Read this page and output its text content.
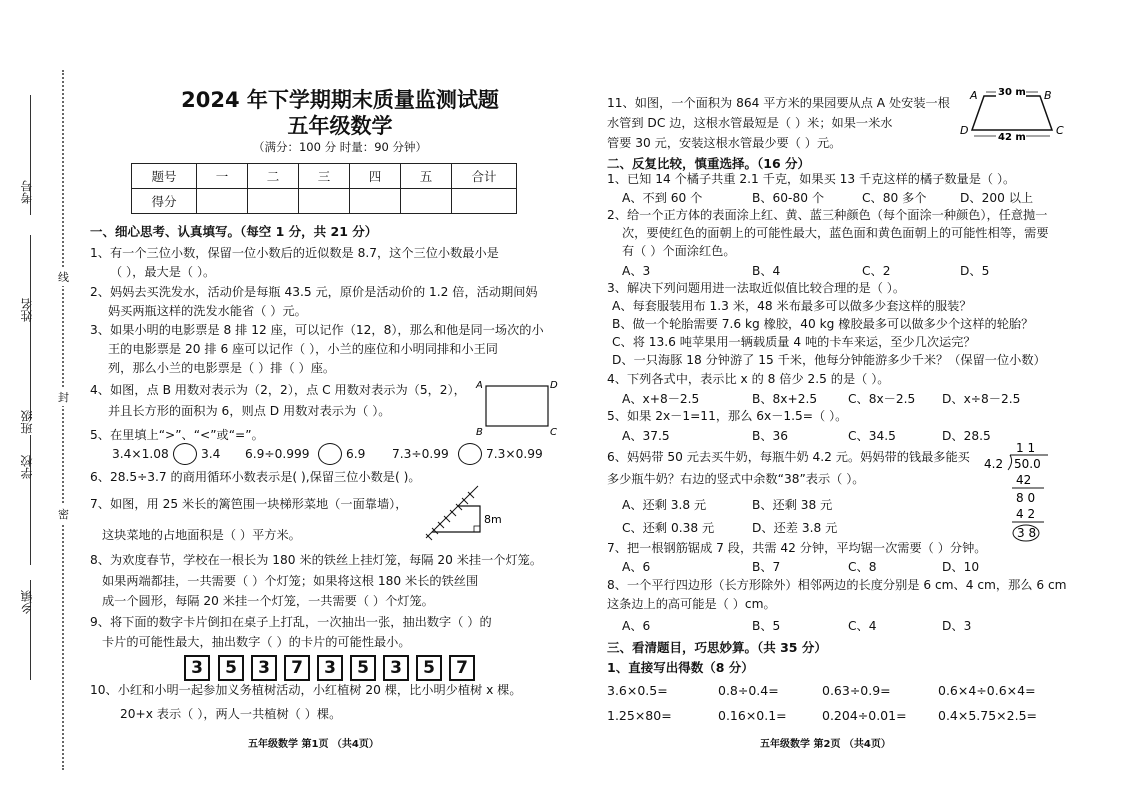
考号
姓名
班级
学校
乡镇
线
封
密
2024 年下学期期末质量监测试题
五年级数学
（满分：100 分 时量：90 分钟）
题号	一	二	三	四	五	合计
得分						
一、细心思考、认真填写。（每空 1 分，共 21 分）
1、有一个三位小数，保留一位小数后的近似数是 8.7，这个三位小数最小是
（ ），最大是（ ）。
2、妈妈去买洗发水，活动价是每瓶 43.5 元，原价是活动价的 1.2 倍，活动期间妈
妈买两瓶这样的洗发水能省（ ）元。
3、如果小明的电影票是 8 排 12 座，可以记作（12，8），那么和他是同一场次的小
王的电影票是 20 排 6 座可以记作（ ），小兰的座位和小明同排和小王同
列，那么小兰的电影票是（ ）排（ ）座。
4、如图，点 B 用数对表示为（2，2），点 C 用数对表示为（5，2），
并且长方形的面积为 6，则点 D 用数对表示为（ ）。
A	D
B	C
5、在里填上“>”、“<”或“=”。
3.4×1.08	3.4 6.9÷0.999	6.9 7.3÷0.99	7.3×0.99
6、28.5÷3.7 的商用循环小数表示是( ),保留三位小数是( )。
7、如图，用 25 米长的篱笆围一块梯形菜地（一面靠墙），
这块菜地的占地面积是（ ）平方米。
8m
8、为欢度春节，学校在一根长为 180 米的铁丝上挂灯笼，每隔 20 米挂一个灯笼。
如果两端都挂，一共需要（ ）个灯笼；如果将这根 180 米长的铁丝围
成一个圆形，每隔 20 米挂一个灯笼，一共需要（ ）个灯笼。
9、将下面的数字卡片倒扣在桌子上打乱，一次抽出一张，抽出数字（ ）的
卡片的可能性最大，抽出数字（ ）的卡片的可能性最小。
3	5	3	7	3	5	3	5	7
10、小红和小明一起参加义务植树活动，小红植树 20 棵，比小明少植树 x 棵。
20+x 表示（ ），两人一共植树（ ）棵。
五年级数学 第1页 （共4页）
11、如图，一个面积为 864 平方米的果园要从点 A 处安装一根
水管到 DC 边，这根水管最短是（ ）米；如果一米水
管要 30 元，安装这根水管最少要（ ）元。
30 m
42 m
A	B
D	C
二、反复比较，慎重选择。（16 分）
1、已知 14 个橘子共重 2.1 千克，如果买 13 千克这样的橘子数量是（ ）。
A、不到 60 个	B、60-80 个	C、80 多个	D、200 以上
2、给一个正方体的表面涂上红、黄、蓝三种颜色（每个面涂一种颜色），任意抛一
次，要使红色的面朝上的可能性最大，蓝色面和黄色面朝上的可能性相等，需要
有（ ）个面涂红色。
A、3	B、4	C、2	D、5
3、解决下列问题用进一法取近似值比较合理的是（ ）。
A、每套服装用布 1.3 米，48 米布最多可以做多少套这样的服装？
B、做一个轮胎需要 7.6 kg 橡胶，40 kg 橡胶最多可以做多少个这样的轮胎？
C、将 13.6 吨苹果用一辆载质量 4 吨的卡车来运，至少几次运完？
D、一只海豚 18 分钟游了 15 千米，他每分钟能游多少千米？（保留一位小数）
4、下列各式中，表示比 x 的 8 倍少 2.5 的是（ ）。
A、x+8－2.5	B、8x+2.5	C、8x－2.5 D、x÷8－2.5
5、如果 2x－1=11，那么 6x－1.5=（ ）。
A、37.5	B、36	C、34.5	D、28.5
6、妈妈带 50 元去买牛奶，每瓶牛奶 4.2 元。妈妈带的钱最多能买
多少瓶牛奶？右边的竖式中余数“38”表示（ ）。
A、还剩 3.8 元	B、还剩 38 元
C、还剩 0.38 元	D、还差 3.8 元
1 1
4.2 50.0
42
8 0
4 2
3 8
7、把一根钢筋锯成 7 段，共需 42 分钟，平均锯一次需要（ ）分钟。
A、6	B、7	C、8	D、10
8、一个平行四边形（长方形除外）相邻两边的长度分别是 6 cm、4 cm，那么 6 cm
这条边上的高可能是（ ）cm。
A、6	B、5	C、4	D、3
三、看清题目，巧思妙算。（共 35 分）
1、直接写出得数（8 分）
3.6×0.5=	0.8÷0.4=	0.63÷0.9=	0.6×4÷0.6×4=
1.25×80=	0.16×0.1=	0.204÷0.01=	0.4×5.75×2.5=
五年级数学 第2页 （共4页）
